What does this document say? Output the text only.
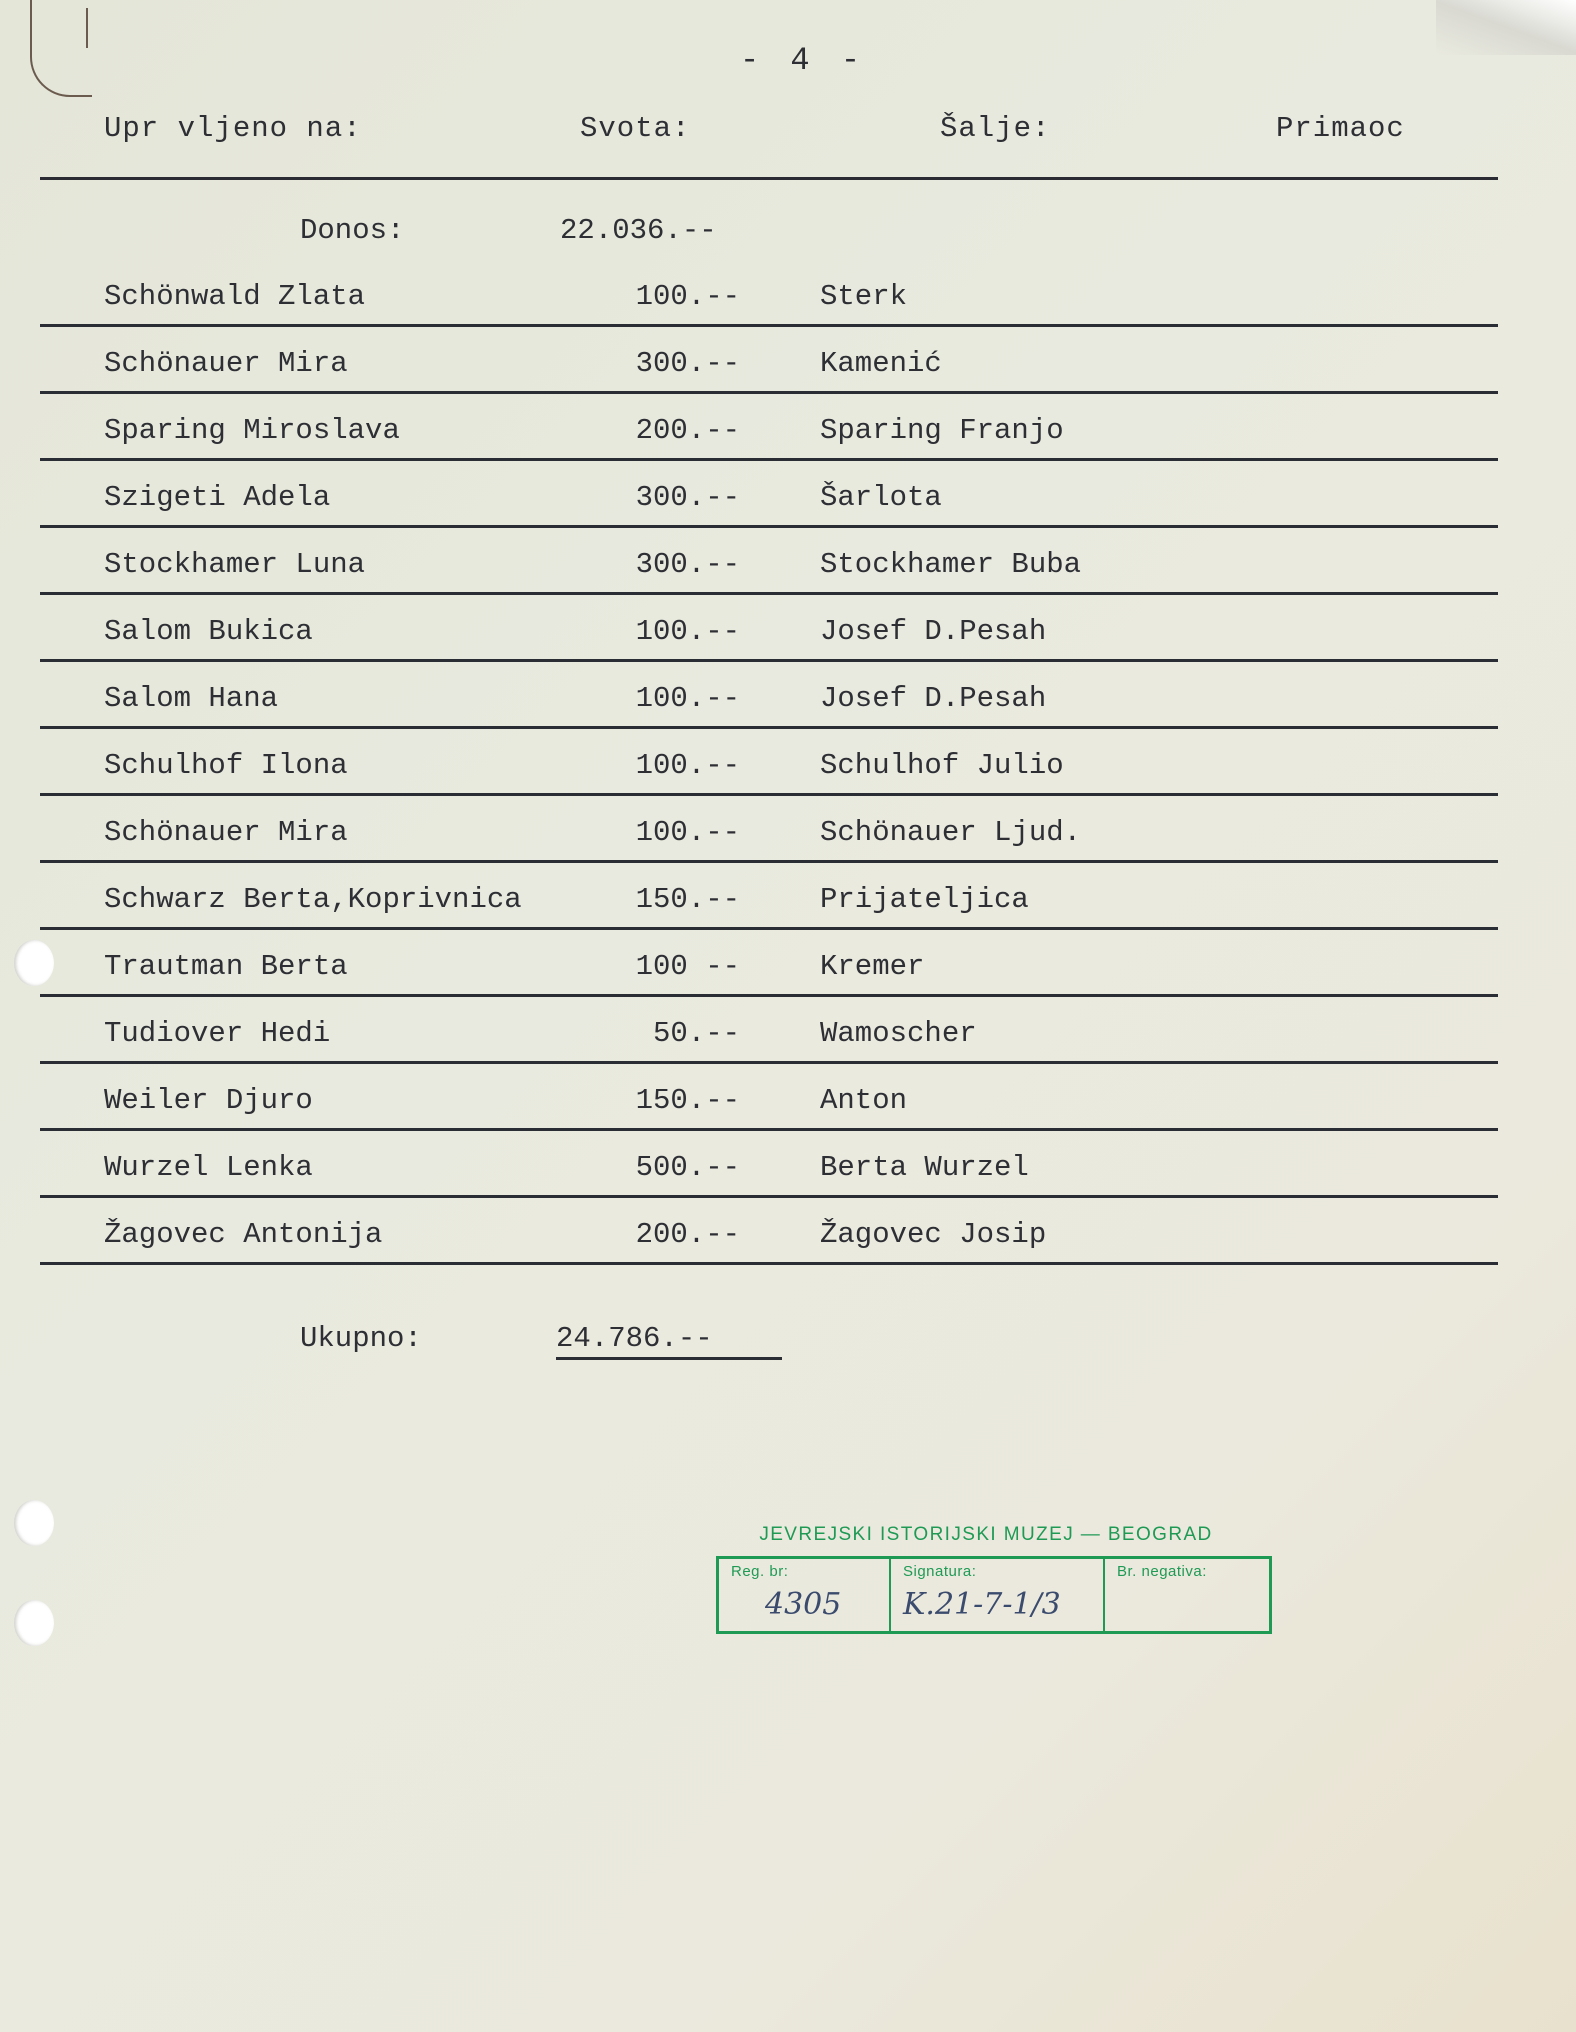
- 4 -
Upr vljeno na:	Svota:	Šalje:	Primaoc
Donos:	22.036.--
Schönwald Zlata	100.--	Sterk
Schönauer Mira	300.--	Kamenić
Sparing Miroslava	200.--	Sparing Franjo
Szigeti Adela	300.--	Šarlota
Stockhamer Luna	300.--	Stockhamer Buba
Salom Bukica	100.--	Josef D.Pesah
Salom Hana	100.--	Josef D.Pesah
Schulhof Ilona	100.--	Schulhof Julio
Schönauer Mira	100.--	Schönauer Ljud.
Schwarz Berta,Koprivnica	150.--	Prijateljica
Trautman Berta	100 --	Kremer
Tudiover Hedi	50.--	Wamoscher
Weiler Djuro	150.--	Anton
Wurzel Lenka	500.--	Berta Wurzel
Žagovec Antonija	200.--	Žagovec Josip
Ukupno:	24.786.--
JEVREJSKI ISTORIJSKI MUZEJ — BEOGRAD
Reg. br:
4305
Signatura:
K.21-7-1/3
Br. negativa:
